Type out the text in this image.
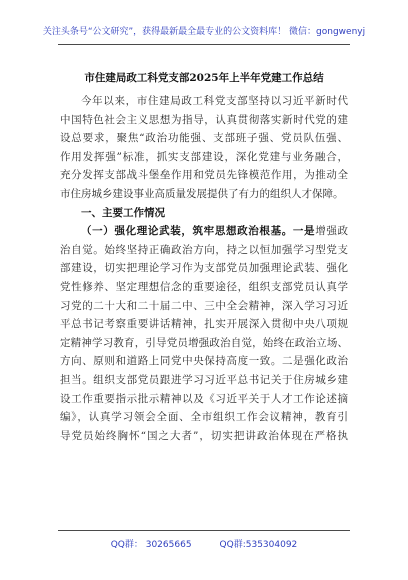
关注头条号“公文研究”，获得最新最全最专业的公文资料库！ 微信：gongwenyj
市住建局政工科党支部2025年上半年党建工作总结
今年以来，市住建局政工科党支部坚持以习近平新时代
中国特色社会主义思想为指导，认真贯彻落实新时代党的建
设总要求，聚焦“政治功能强、支部班子强、党员队伍强、
作用发挥强”标准，抓实支部建设，深化党建与业务融合，
充分发挥支部战斗堡垒作用和党员先锋模范作用，为推动全
市住房城乡建设事业高质量发展提供了有力的组织人才保障。
一、主要工作情况
（一）强化理论武装，筑牢思想政治根基。一是增强政
治自觉。始终坚持正确政治方向，持之以恒加强学习型党支
部建设，切实把理论学习作为支部党员加强理论武装、强化
党性修养、坚定理想信念的重要途径，组织支部党员认真学
习党的二十大和二十届二中、三中全会精神，深入学习习近
平总书记考察重要讲话精神，扎实开展深入贯彻中央八项规
定精神学习教育，引导党员增强政治自觉，始终在政治立场、
方向、原则和道路上同党中央保持高度一致。二是强化政治
担当。组织支部党员跟进学习习近平总书记关于住房城乡建
设工作重要指示批示精神以及《习近平关于人才工作论述摘
编》，认真学习领会全面、全市组织工作会议精神，教育引
导党员始终胸怀“国之大者”，切实把讲政治体现在严格执
QQ群： 30265665	QQ群:535304092
